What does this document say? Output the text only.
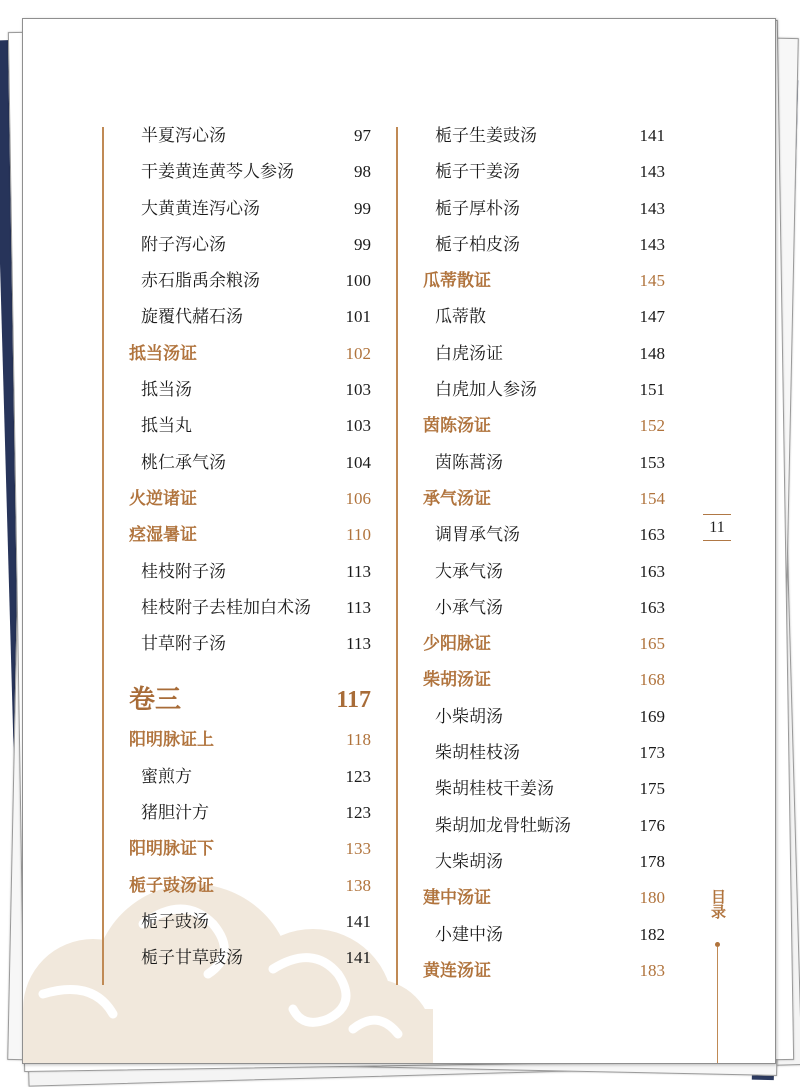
半夏泻心汤	97
干姜黄连黄芩人参汤	98
大黄黄连泻心汤	99
附子泻心汤	99
赤石脂禹余粮汤	100
旋覆代赭石汤	101
抵当汤证	102
抵当汤	103
抵当丸	103
桃仁承气汤	104
火逆诸证	106
痉湿暑证	110
桂枝附子汤	113
桂枝附子去桂加白术汤 113
甘草附子汤	113
卷三	117
阳明脉证上	118
蜜煎方	123
猪胆汁方	123
阳明脉证下	133
栀子豉汤证	138
栀子豉汤	141
栀子甘草豉汤	141
栀子生姜豉汤	141
栀子干姜汤	143
栀子厚朴汤	143
栀子柏皮汤	143
瓜蒂散证	145
瓜蒂散	147
白虎汤证	148
白虎加人参汤	151
茵陈汤证	152
茵陈蒿汤	153
承气汤证	154
调胃承气汤	163
大承气汤	163
小承气汤	163
少阳脉证	165
柴胡汤证	168
小柴胡汤	169
柴胡桂枝汤	173
柴胡桂枝干姜汤	175
柴胡加龙骨牡蛎汤	176
大柴胡汤	178
建中汤证	180
小建中汤	182
黄连汤证	183
11
目录
